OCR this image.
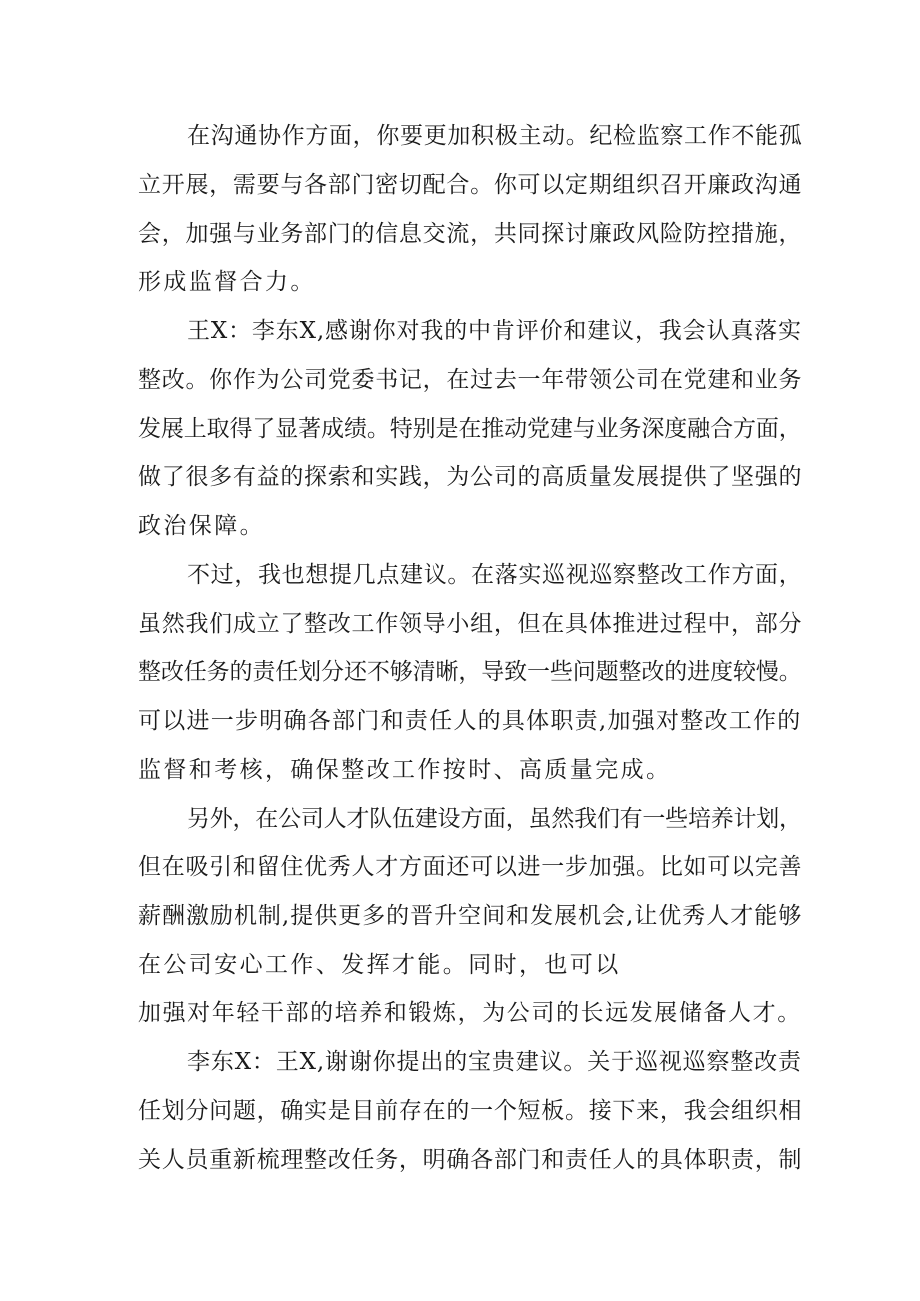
在沟通协作方面，你要更加积极主动。纪检监察工作不能孤
立开展，需要与各部门密切配合。你可以定期组织召开廉政沟通
会，加强与业务部门的信息交流，共同探讨廉政风险防控措施，
形成监督合力。
王X：李东X,感谢你对我的中肯评价和建议，我会认真落实
整改。你作为公司党委书记，在过去一年带领公司在党建和业务
发展上取得了显著成绩。特别是在推动党建与业务深度融合方面，
做了很多有益的探索和实践，为公司的高质量发展提供了坚强的
政治保障。
不过，我也想提几点建议。在落实巡视巡察整改工作方面，
虽然我们成立了整改工作领导小组，但在具体推进过程中，部分
整改任务的责任划分还不够清晰，导致一些问题整改的进度较慢。
可以进一步明确各部门和责任人的具体职责,加强对整改工作的
监督和考核，确保整改工作按时、高质量完成。
另外，在公司人才队伍建设方面，虽然我们有一些培养计划，
但在吸引和留住优秀人才方面还可以进一步加强。比如可以完善
薪酬激励机制,提供更多的晋升空间和发展机会,让优秀人才能够
在公司安心工作、发挥才能。同时，也可以
加强对年轻干部的培养和锻炼，为公司的长远发展储备人才。
李东X：王X,谢谢你提出的宝贵建议。关于巡视巡察整改责
任划分问题，确实是目前存在的一个短板。接下来，我会组织相
关人员重新梳理整改任务，明确各部门和责任人的具体职责，制
